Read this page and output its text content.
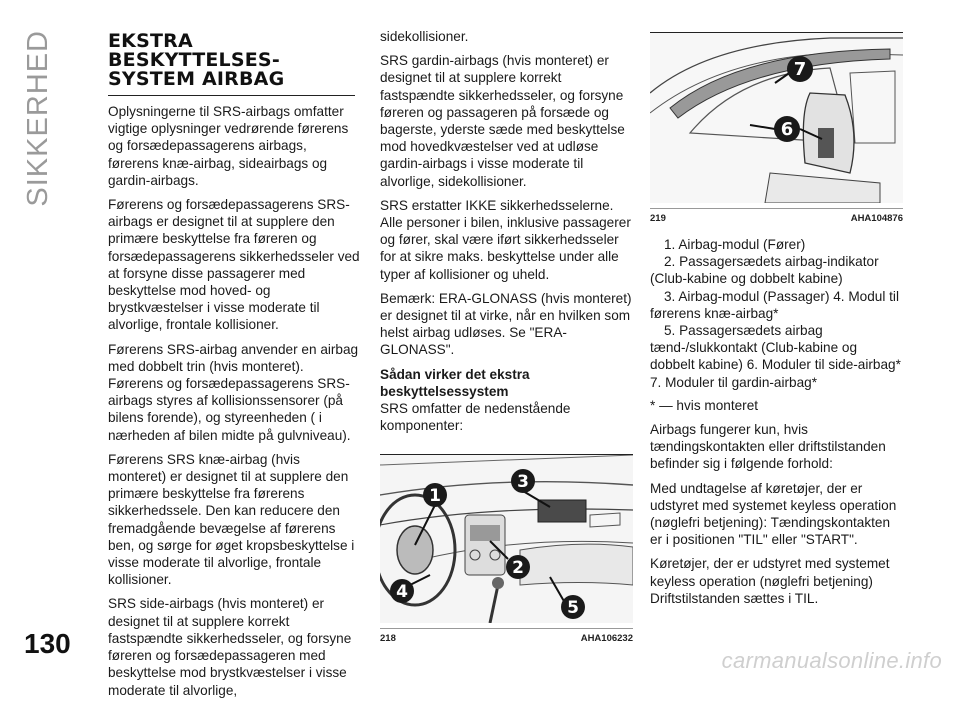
SIKKERHED
130
EKSTRA
BESKYTTELSES-
SYSTEM AIRBAG

Oplysningerne til SRS-airbags omfatter vigtige oplysninger vedrørende førerens og forsædepassagerens airbags, førerens knæ-airbag, sideairbags og gardin-airbags.

Førerens og forsædepassagerens SRS-airbags er designet til at supplere den primære beskyttelse fra føreren og forsædepassagerens sikkerhedsseler ved at forsyne disse passagerer med beskyttelse mod hoved- og brystkvæstelser i visse moderate til alvorlige, frontale kollisioner.

Førerens SRS-airbag anvender en airbag med dobbelt trin (hvis monteret). Førerens og forsædepassagerens SRS-airbags styres af kollisionssensorer (på bilens forende), og styreenheden ( i nærheden af bilen midte på gulvniveau).

Førerens SRS knæ-airbag (hvis monteret) er designet til at supplere den primære beskyttelse fra førerens sikkerhedssele. Den kan reducere den fremadgående bevægelse af førerens ben, og sørge for øget kropsbeskyttelse i visse moderate til alvorlige, frontale kollisioner.

SRS side-airbags (hvis monteret) er designet til at supplere korrekt fastspændte sikkerhedsseler, og forsyne føreren og forsædepassageren med beskyttelse mod brystkvæstelser i visse moderate til alvorlige,

sidekollisioner.

SRS gardin-airbags (hvis monteret) er designet til at supplere korrekt fastspændte sikkerhedsseler, og forsyne føreren og passageren på forsæde og bagerste, yderste sæde med beskyttelse mod hovedkvæstelser ved at udløse gardin-airbags i visse moderate til alvorlige, sidekollisioner.

SRS erstatter IKKE sikkerhedsselerne. Alle personer i bilen, inklusive passagerer og fører, skal være iført sikkerhedsseler for at sikre maks. beskyttelse under alle typer af kollisioner og uheld.

Bemærk: ERA-GLONASS (hvis monteret) er designet til at virke, når en hvilken som helst airbag udløses. Se "ERA-GLONASS".

Sådan virker det ekstra beskyttelsessystem

SRS omfatter de nedenstående komponenter:

1
3
2
4
5
218	AHA106232
7
6
219	AHA104876

1. Airbag-modul (Fører)

2. Passagersædets airbag-indikator (Club-kabine og dobbelt kabine)

3. Airbag-modul (Passager) 4. Modul til førerens knæ-airbag*

5. Passagersædets airbag tænd-/slukkontakt (Club-kabine og dobbelt kabine) 6. Moduler til side-airbag* 7. Moduler til gardin-airbag*

* — hvis monteret

Airbags fungerer kun, hvis tændingskontakten eller driftstilstanden befinder sig i følgende forhold:

Med undtagelse af køretøjer, der er udstyret med systemet keyless operation (nøglefri betjening): Tændingskontakten er i positionen "TIL" eller "START".

Køretøjer, der er udstyret med systemet keyless operation (nøglefri betjening) Driftstilstanden sættes i TIL.

carmanualsonline.info
